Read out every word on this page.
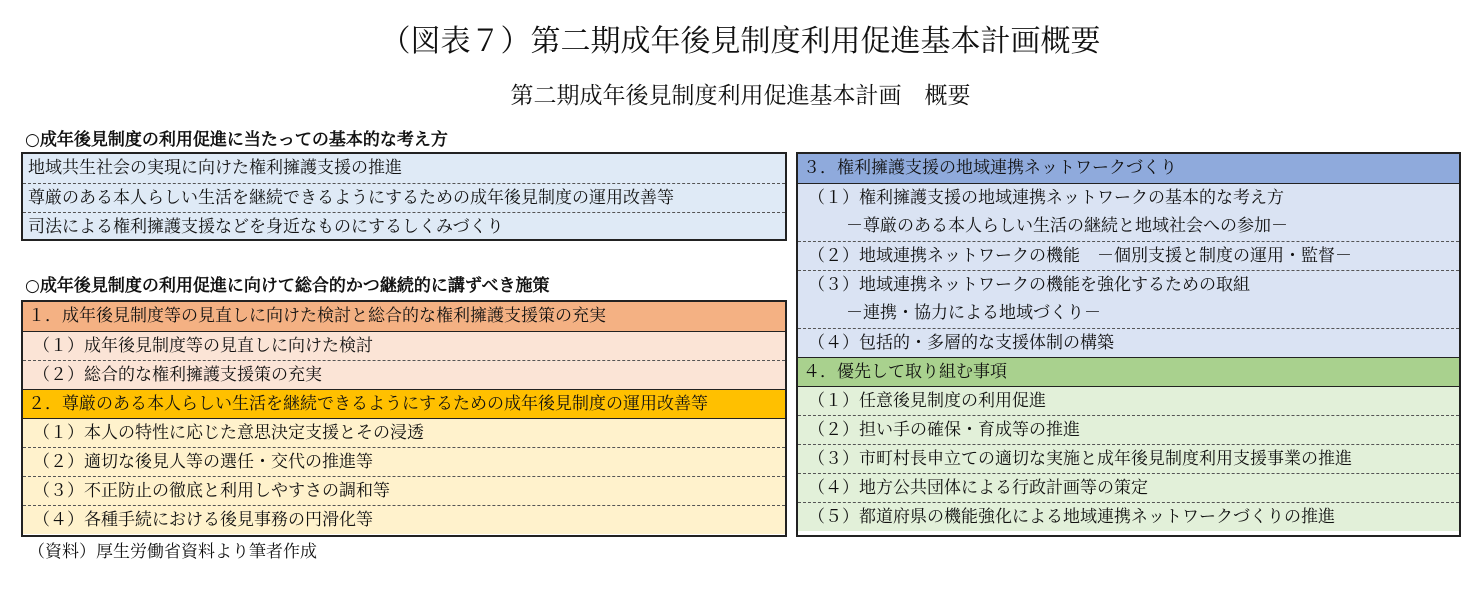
（図表７）第二期成年後見制度利用促進基本計画概要
第二期成年後見制度利用促進基本計画　概要
○成年後見制度の利用促進に当たっての基本的な考え方
地域共生社会の実現に向けた権利擁護支援の推進
尊厳のある本人らしい生活を継続できるようにするための成年後見制度の運用改善等
司法による権利擁護支援などを身近なものにするしくみづくり
○成年後見制度の利用促進に向けて総合的かつ継続的に講ずべき施策
１．成年後見制度等の見直しに向けた検討と総合的な権利擁護支援策の充実
（１）成年後見制度等の見直しに向けた検討
（２）総合的な権利擁護支援策の充実
２．尊厳のある本人らしい生活を継続できるようにするための成年後見制度の運用改善等
（１）本人の特性に応じた意思決定支援とその浸透
（２）適切な後見人等の選任・交代の推進等
（３）不正防止の徹底と利用しやすさの調和等
（４）各種手続における後見事務の円滑化等
３．権利擁護支援の地域連携ネットワークづくり
（１）権利擁護支援の地域連携ネットワークの基本的な考え方
－尊厳のある本人らしい生活の継続と地域社会への参加－
（２）地域連携ネットワークの機能　－個別支援と制度の運用・監督－
（３）地域連携ネットワークの機能を強化するための取組
－連携・協力による地域づくり－
（４）包括的・多層的な支援体制の構築
４．優先して取り組む事項
（１）任意後見制度の利用促進
（２）担い手の確保・育成等の推進
（３）市町村長申立ての適切な実施と成年後見制度利用支援事業の推進
（４）地方公共団体による行政計画等の策定
（５）都道府県の機能強化による地域連携ネットワークづくりの推進
（資料）厚生労働省資料より筆者作成
